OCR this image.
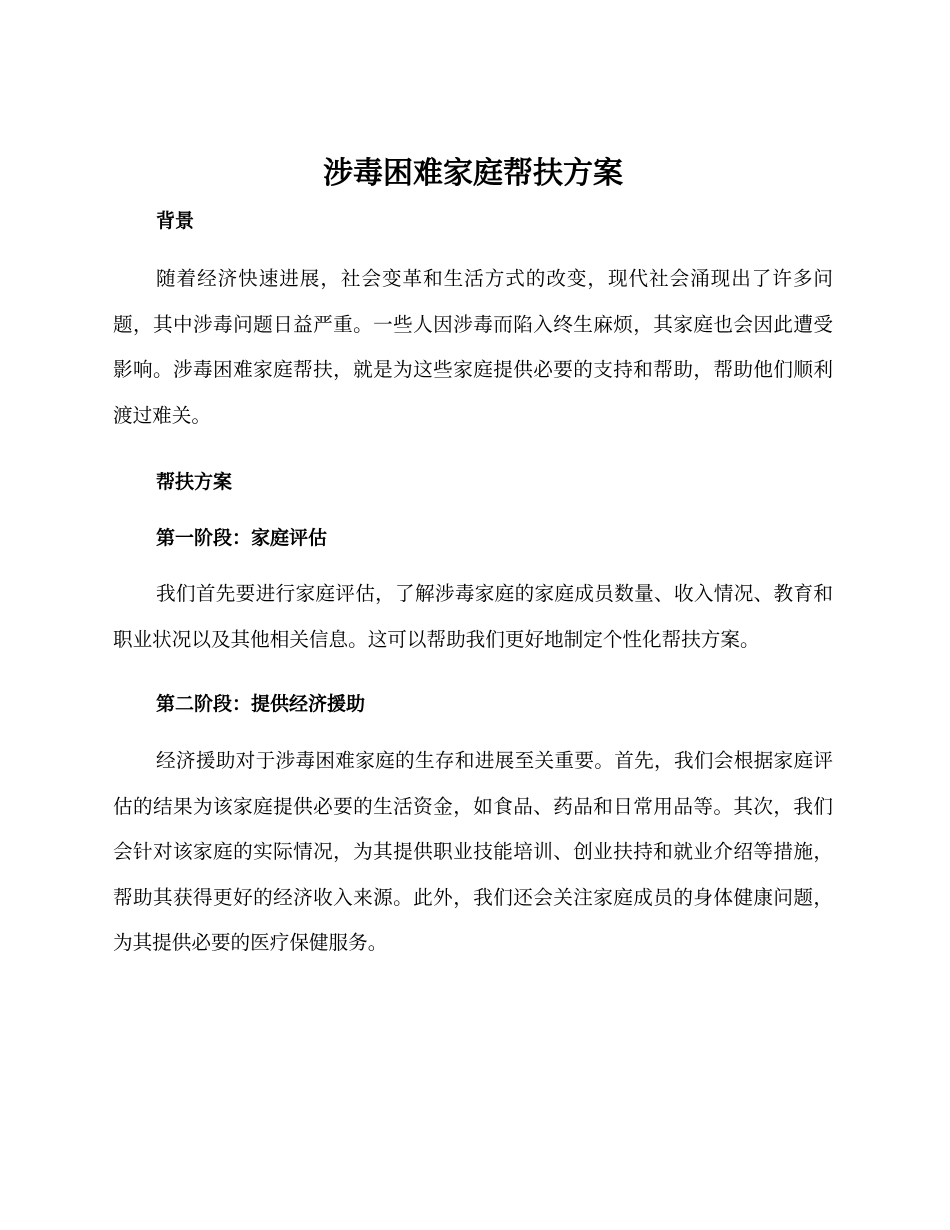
涉毒困难家庭帮扶方案
背景

随着经济快速进展，社会变革和生活方式的改变，现代社会涌现出了许多问题，其中涉毒问题日益严重。一些人因涉毒而陷入终生麻烦，其家庭也会因此遭受影响。涉毒困难家庭帮扶，就是为这些家庭提供必要的支持和帮助，帮助他们顺利渡过难关。

帮扶方案
第一阶段：家庭评估

我们首先要进行家庭评估，了解涉毒家庭的家庭成员数量、收入情况、教育和职业状况以及其他相关信息。这可以帮助我们更好地制定个性化帮扶方案。

第二阶段：提供经济援助

经济援助对于涉毒困难家庭的生存和进展至关重要。首先，我们会根据家庭评估的结果为该家庭提供必要的生活资金，如食品、药品和日常用品等。其次，我们会针对该家庭的实际情况，为其提供职业技能培训、创业扶持和就业介绍等措施，帮助其获得更好的经济收入来源。此外，我们还会关注家庭成员的身体健康问题，为其提供必要的医疗保健服务。
